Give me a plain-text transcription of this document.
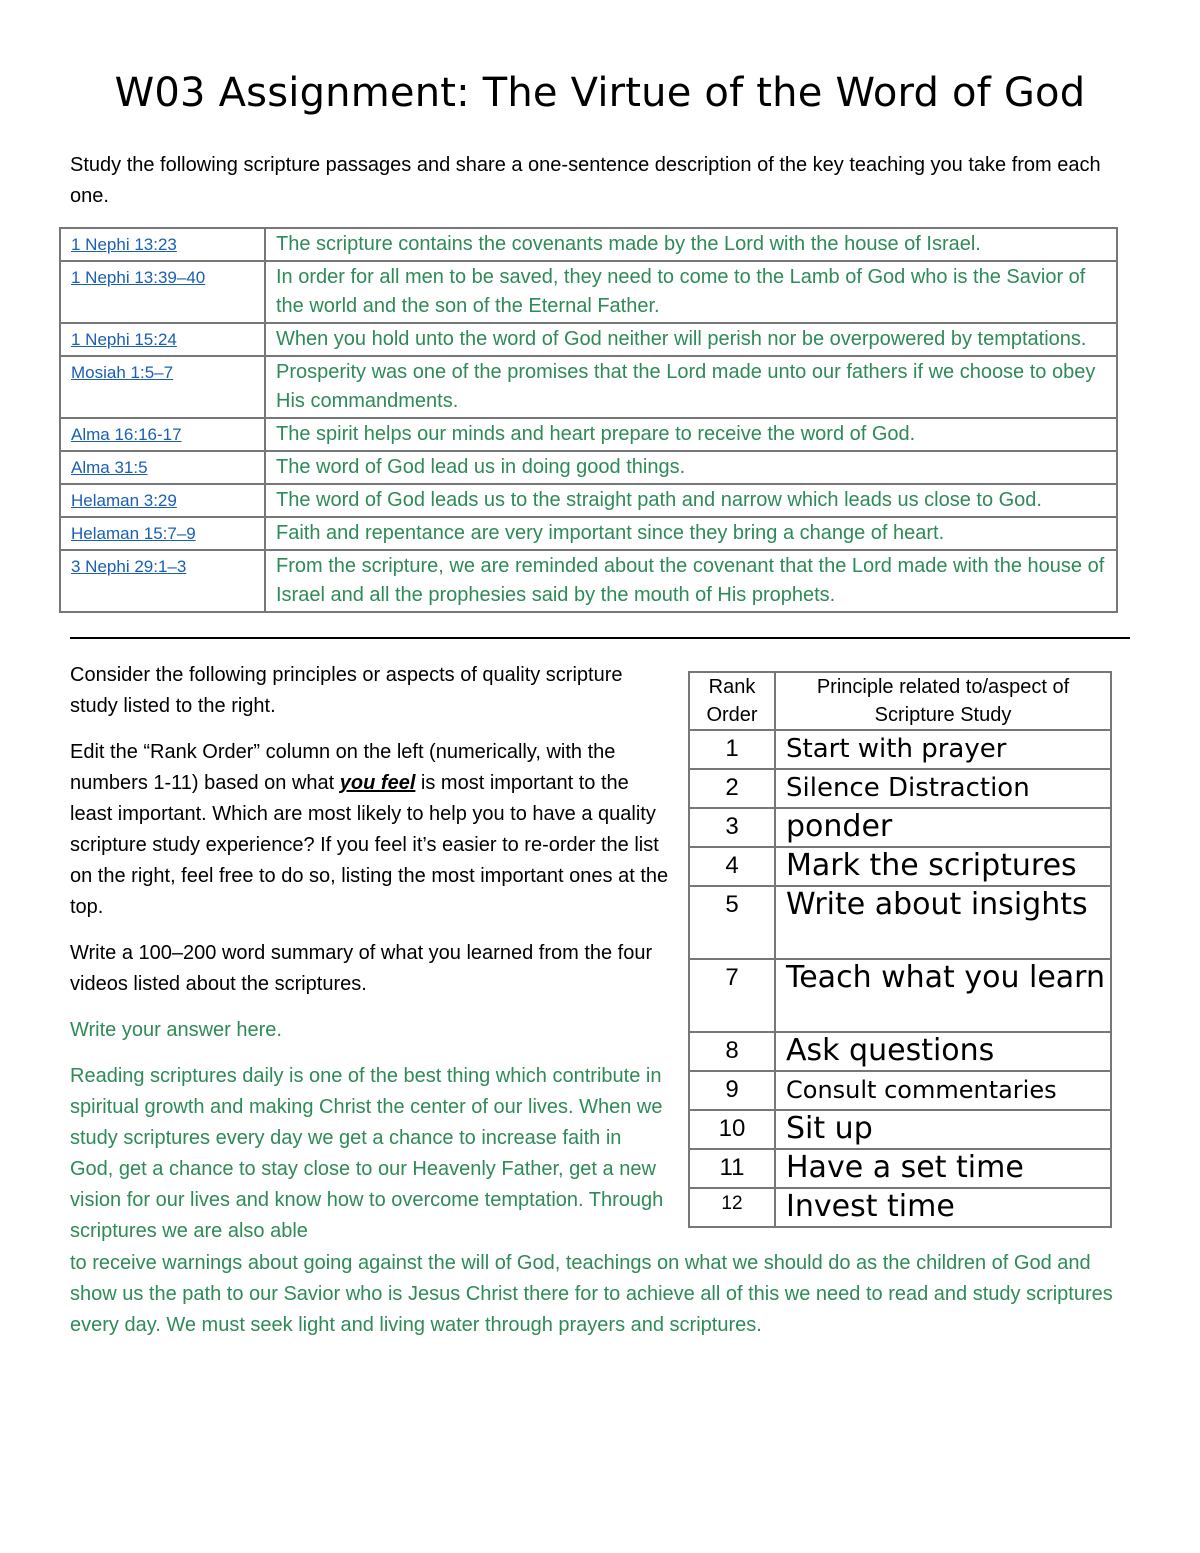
W03 Assignment: The Virtue of the Word of God
Study the following scripture passages and share a one-sentence description of the key teaching you take from each one.
1 Nephi 13:23	The scripture contains the covenants made by the Lord with the house of Israel.
1 Nephi 13:39–40	In order for all men to be saved, they need to come to the Lamb of God who is the Savior of the world and the son of the Eternal Father.
1 Nephi 15:24	When you hold unto the word of God neither will perish nor be overpowered by temptations.
Mosiah 1:5–7	Prosperity was one of the promises that the Lord made unto our fathers if we choose to obey His commandments.
Alma 16:16-17	The spirit helps our minds and heart prepare to receive the word of God.
Alma 31:5	The word of God lead us in doing good things.
Helaman 3:29	The word of God leads us to the straight path and narrow which leads us close to God.
Helaman 15:7–9	Faith and repentance are very important since they bring a change of heart.
3 Nephi 29:1–3	From the scripture, we are reminded about the covenant that the Lord made with the house of Israel and all the prophesies said by the mouth of His prophets.

Consider the following principles or aspects of quality scripture study listed to the right.

Edit the “Rank Order” column on the left (numerically, with the numbers 1-11) based on what you feel is most important to the least important. Which are most likely to help you to have a quality scripture study experience? If you feel it’s easier to re-order the list on the right, feel free to do so, listing the most important ones at the top.

Write a 100–200 word summary of what you learned from the four videos listed about the scriptures.

Write your answer here.

Reading scriptures daily is one of the best thing which contribute in spiritual growth and making Christ the center of our lives. When we study scriptures every day we get a chance to increase faith in God, get a chance to stay close to our Heavenly Father, get a new vision for our lives and know how to overcome temptation. Through scriptures we are also able

to receive warnings about going against the will of God, teachings on what we should do as the children of God and show us the path to our Savior who is Jesus Christ there for to achieve all of this we need to read and study scriptures every day. We must seek light and living water through prayers and scriptures.
Rank Order	Principle related to/aspect of Scripture Study
1	Start with prayer
2	Silence Distraction
3	ponder
4	Mark the scriptures
5	Write about insights
7	Teach what you learn
8	Ask questions
9	Consult commentaries
10	Sit up
11	Have a set time
12	Invest time
